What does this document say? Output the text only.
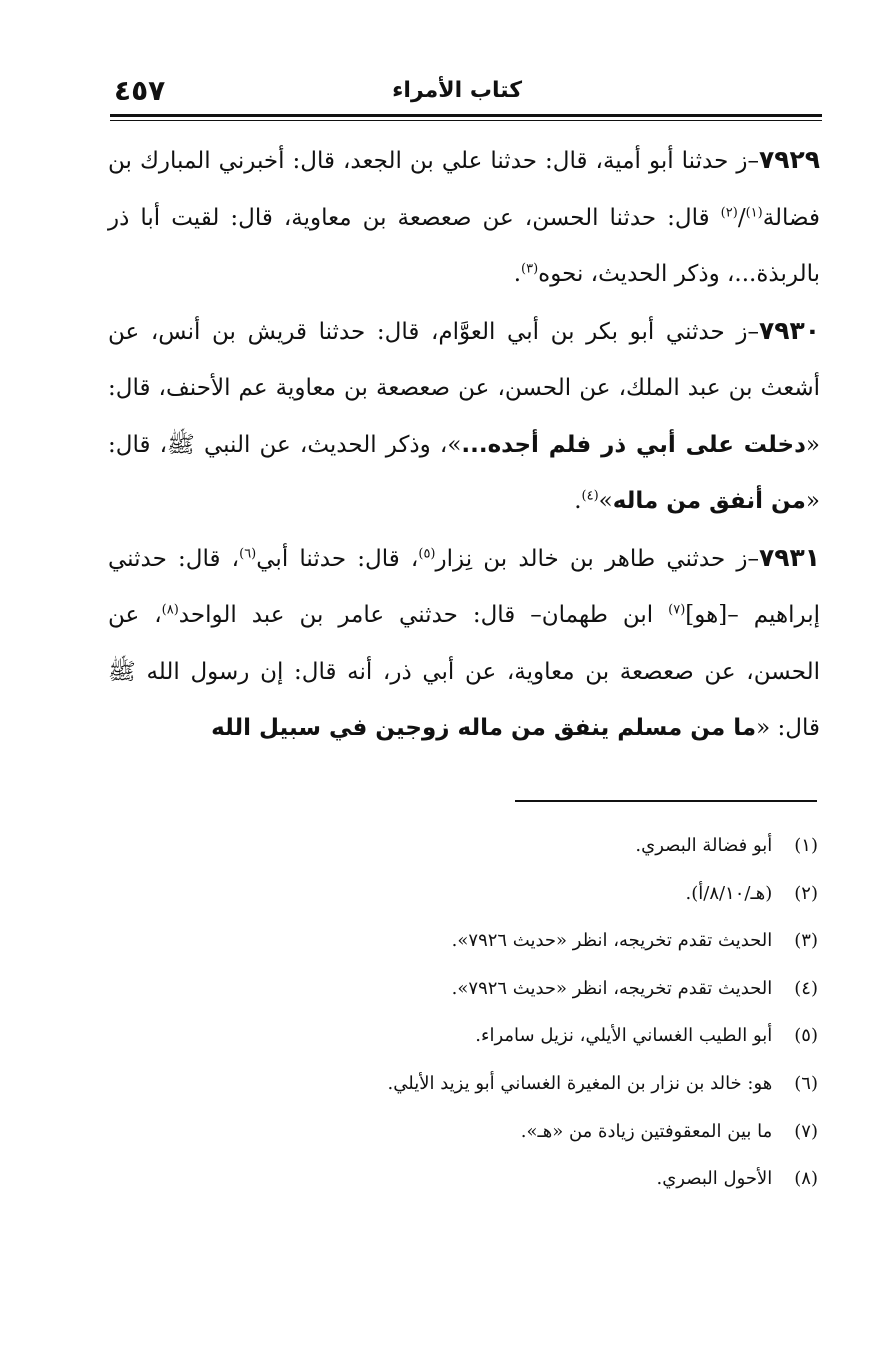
كتاب الأمراء
٤٥٧

٧٩٢٩–ز حدثنا أبو أمية، قال: حدثنا علي بن الجعد، قال: أخبرني المبارك بن فضالة$^{(١)}$/$^{(٢)}$ قال: حدثنا الحسن، عن صعصعة بن معاوية، قال: لقيت أبا ذر بالربذة...، وذكر الحديث، نحوه$^{(٣)}$.

٧٩٣٠–ز حدثني أبو بكر بن أبي العوَّام، قال: حدثنا قريش بن أنس، عن أشعث بن عبد الملك، عن الحسن، عن صعصعة بن معاوية عم الأحنف، قال: «دخلت على أبي ذر فلم أجده...»، وذكر الحديث، عن النبي ﷺ، قال: «من أنفق من ماله»$^{(٤)}$.

٧٩٣١–ز حدثني طاهر بن خالد بن نِزار$^{(٥)}$، قال: حدثنا أبي$^{(٦)}$، قال: حدثني إبراهيم –[هو]$^{(٧)}$ ابن طهمان– قال: حدثني عامر بن عبد الواحد$^{(٨)}$، عن الحسن، عن صعصعة بن معاوية، عن أبي ذر، أنه قال: إن رسول الله ﷺ قال: «ما من مسلم ينفق من ماله زوجين في سبيل الله

(١) أبو فضالة البصري.

(٢) (هـ/٨/١٠/أ).

(٣) الحديث تقدم تخريجه، انظر «حديث ٧٩٢٦».

(٤) الحديث تقدم تخريجه، انظر «حديث ٧٩٢٦».

(٥) أبو الطيب الغساني الأيلي، نزيل سامراء.

(٦) هو: خالد بن نزار بن المغيرة الغساني أبو يزيد الأيلي.

(٧) ما بين المعقوفتين زيادة من «هـ».

(٨) الأحول البصري.
